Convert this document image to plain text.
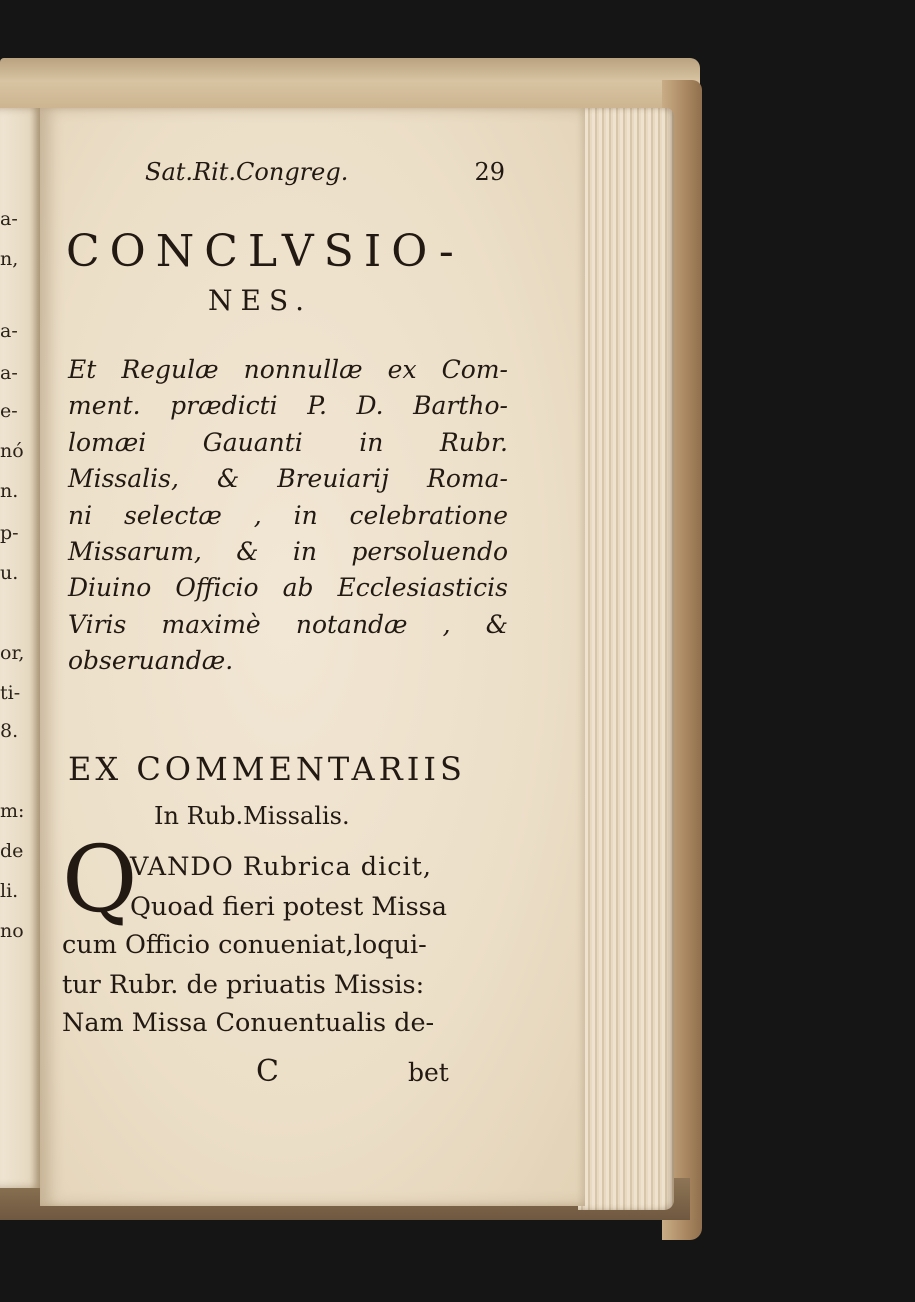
a-
n,
a-
a-
e-
nó
n.
p-
u.
or,
ti-
8.
m:
de
li.
no
Sat.Rit.Congreg.	29
CONCLVSIO-
NES.
Et Regulæ nonnullæ ex Com-
ment. prædicti P. D. Bartho-
lomæi Gauanti in Rubr.
Missalis, & Breuiarij Roma-
ni selectæ , in celebratione
Missarum, & in persoluendo
Diuino Officio ab Ecclesiasticis
Viris maximè notandæ , &
obseruandæ.
EX COMMENTARIIS
In Rub.Missalis.
Q
VANDO Rubrica dicit,
Quoad fieri potest Missa
cum Officio conueniat,loqui-
tur Rubr. de priuatis Missis:
Nam Missa Conuentualis de-
C	bet
